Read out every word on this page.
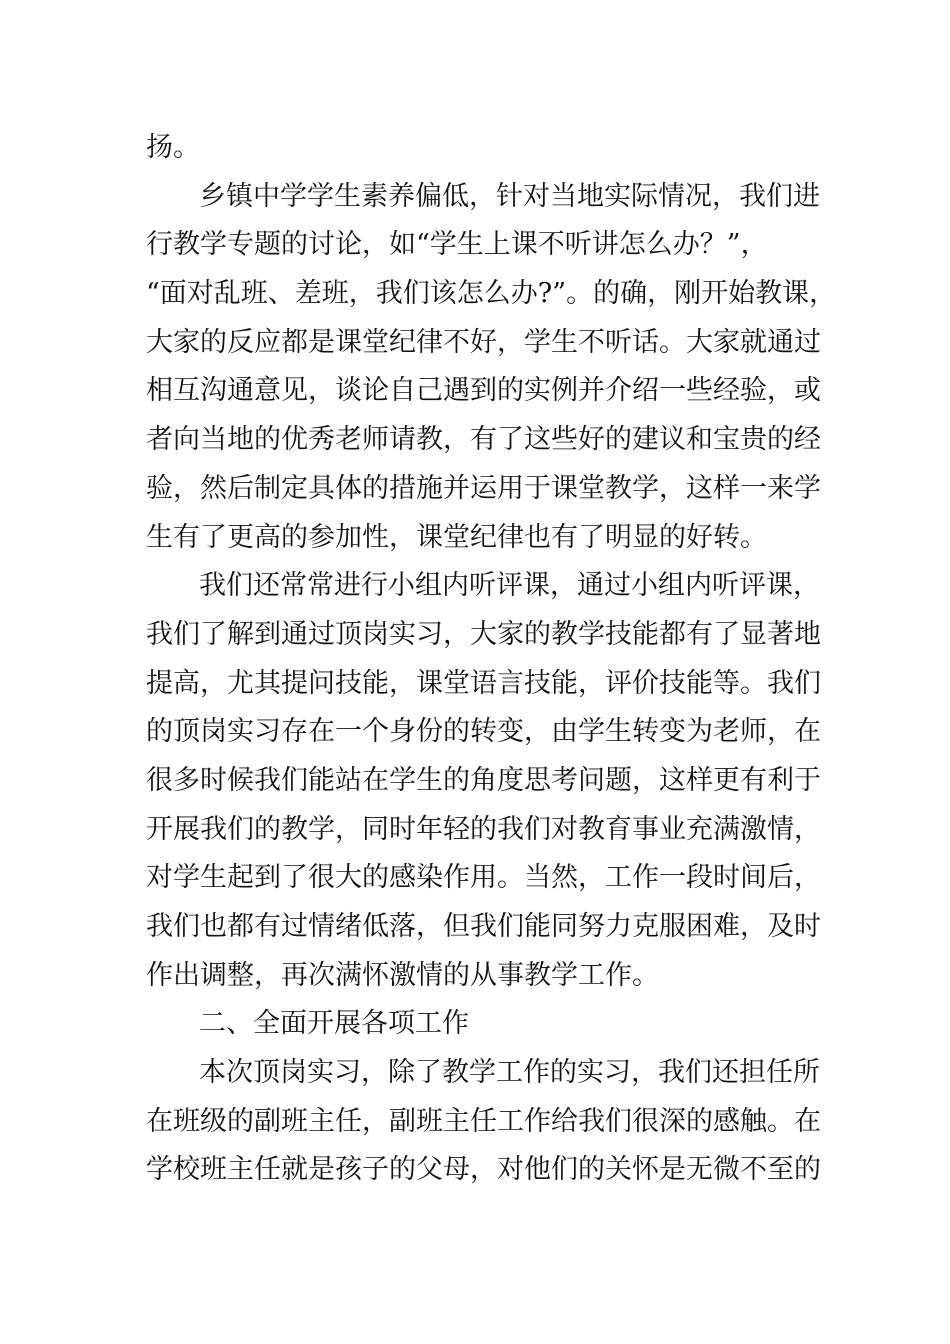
扬。
乡镇中学学生素养偏低，针对当地实际情况，我们进
行教学专题的讨论，如“学生上课不听讲怎么办？”，
“面对乱班、差班，我们该怎么办?”。的确，刚开始教课，
大家的反应都是课堂纪律不好，学生不听话。大家就通过
相互沟通意见，谈论自己遇到的实例并介绍一些经验，或
者向当地的优秀老师请教，有了这些好的建议和宝贵的经
验，然后制定具体的措施并运用于课堂教学，这样一来学
生有了更高的参加性，课堂纪律也有了明显的好转。
我们还常常进行小组内听评课，通过小组内听评课，
我们了解到通过顶岗实习，大家的教学技能都有了显著地
提高，尤其提问技能，课堂语言技能，评价技能等。我们
的顶岗实习存在一个身份的转变，由学生转变为老师，在
很多时候我们能站在学生的角度思考问题，这样更有利于
开展我们的教学，同时年轻的我们对教育事业充满激情，
对学生起到了很大的感染作用。当然，工作一段时间后，
我们也都有过情绪低落，但我们能同努力克服困难，及时
作出调整，再次满怀激情的从事教学工作。
二、全面开展各项工作
本次顶岗实习，除了教学工作的实习，我们还担任所
在班级的副班主任，副班主任工作给我们很深的感触。在
学校班主任就是孩子的父母，对他们的关怀是无微不至的
